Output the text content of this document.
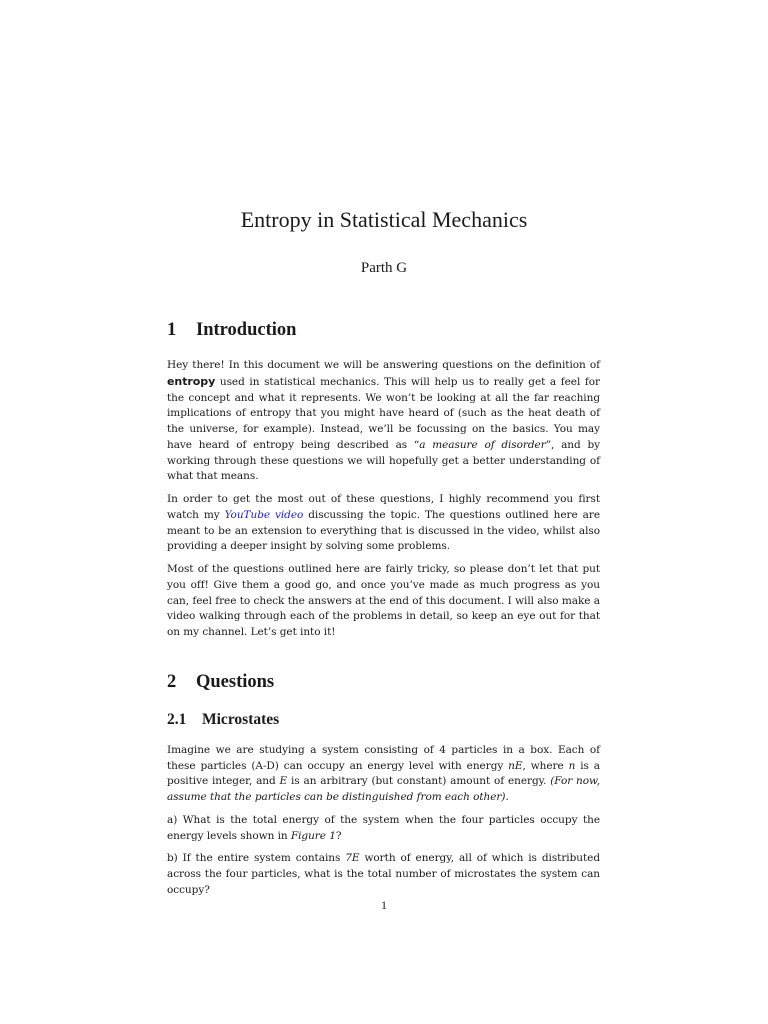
Entropy in Statistical Mechanics
Parth G
1 Introduction

Hey there! In this document we will be answering questions on the definition of entropy used in statistical mechanics. This will help us to really get a feel for the concept and what it represents. We won’t be looking at all the far reaching implications of entropy that you might have heard of (such as the heat death of the universe, for example). Instead, we’ll be focussing on the basics. You may have heard of entropy being described as “a measure of disorder”, and by working through these questions we will hopefully get a better understanding of what that means.

In order to get the most out of these questions, I highly recommend you first watch my YouTube video discussing the topic. The questions outlined here are meant to be an extension to everything that is discussed in the video, whilst also providing a deeper insight by solving some problems.

Most of the questions outlined here are fairly tricky, so please don’t let that put you off! Give them a good go, and once you’ve made as much progress as you can, feel free to check the answers at the end of this document. I will also make a video walking through each of the problems in detail, so keep an eye out for that on my channel. Let’s get into it!

2 Questions
2.1 Microstates

Imagine we are studying a system consisting of 4 particles in a box. Each of these particles (A-D) can occupy an energy level with energy nE, where n is a positive integer, and E is an arbitrary (but constant) amount of energy. (For now, assume that the particles can be distinguished from each other).

a) What is the total energy of the system when the four particles occupy the energy levels shown in Figure 1?

b) If the entire system contains 7E worth of energy, all of which is distributed across the four particles, what is the total number of microstates the system can occupy?

1
